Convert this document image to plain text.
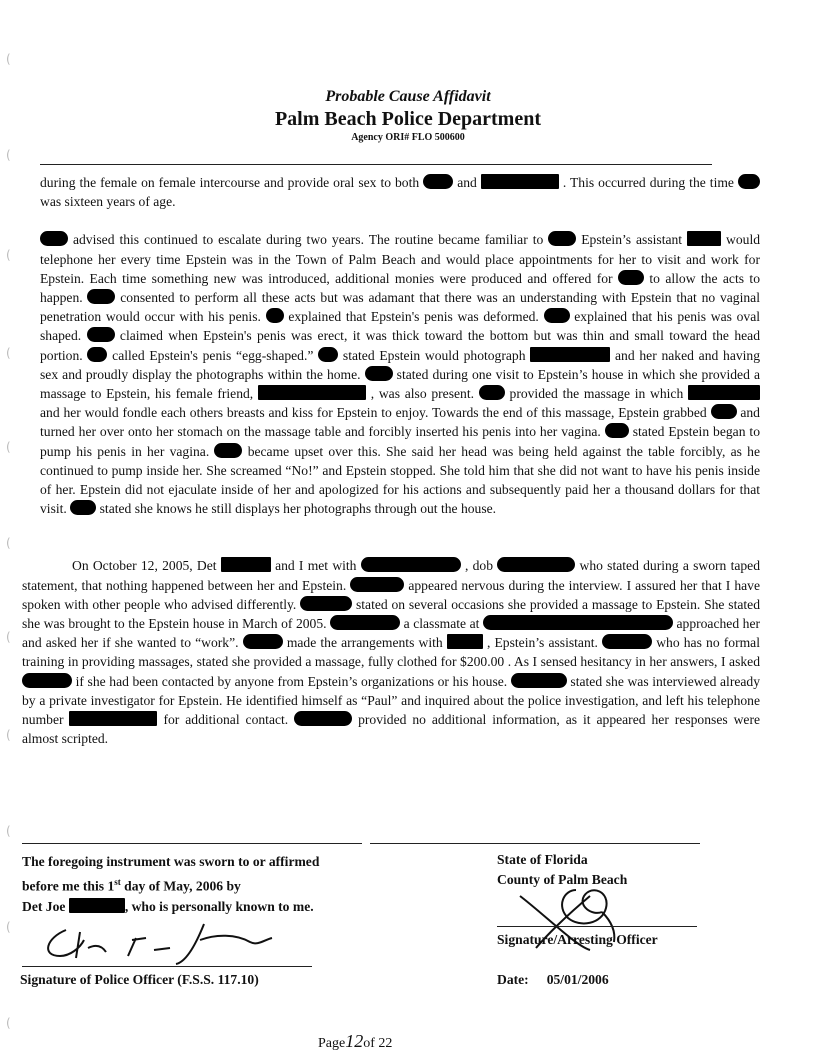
(
(
(
(
(
(
(
(
(
(
(
Probable Cause Affidavit
Palm Beach Police Department
Agency ORI# FLO 500600

during the female on female intercourse and provide oral sex to both	and	. This occurred during the time  was sixteen years of age.

advised this continued to escalate during two years. The routine became familiar to	Epstein’s assistant	would telephone her every time Epstein was in the Town of Palm Beach and would place appointments for her to visit and work for Epstein. Each time something new was introduced, additional monies were produced and offered for	to allow the acts to happen.	consented to perform all these acts but was adamant that there was an understanding with Epstein that no vaginal penetration would occur with his penis. explained that Epstein's penis was deformed.	explained that his penis was oval shaped.	claimed when Epstein's penis was erect, it was thick toward the bottom but was thin and small toward the head portion. called Epstein's penis “egg-shaped.” stated Epstein would photograph	and her naked and having sex and proudly display the photographs within the home.	stated during one visit to Epstein’s house in which she provided a massage to Epstein, his female friend,	, was also present.	provided the massage in which  and her would fondle each others breasts and kiss for Epstein to enjoy. Towards the end of this massage, Epstein grabbed and turned her over onto her stomach on the massage table and forcibly inserted his penis into her vagina. stated Epstein began to pump his penis in her vagina.	became upset over this. She said her head was being held against the table forcibly, as he continued to pump inside her. She screamed “No!” and Epstein stopped. She told him that she did not want to have his penis inside of her. Epstein did not ejaculate inside of her and apologized for his actions and subsequently paid her a thousand dollars for that visit. stated she knows he still displays her photographs through out the house.

On October 12, 2005, Det	and I met with	, dob	who stated during a sworn taped statement, that nothing happened between her and Epstein.	appeared nervous during the interview. I assured her that I have spoken with other people who advised differently.	stated on several occasions she provided a massage to Epstein. She stated she was brought to the Epstein house in March of 2005.	a classmate at	approached her and asked her if she wanted to “work”.	made the arrangements with	, Epstein’s assistant.	who has no formal training in providing massages, stated she provided a massage, fully clothed for $200.00 . As I sensed hesitancy in her answers, I asked  if she had been contacted by anyone from Epstein’s organizations or his house.	stated she was interviewed already by a private investigator for Epstein. He identified himself as “Paul” and inquired about the police investigation, and left his telephone number	for additional contact.	provided no additional information, as it appeared her responses were almost scripted.

The foregoing instrument was sworn to or affirmed
before me this 1st day of May, 2006 by
Det Joe	, who is personally known to me.
State of Florida
County of Palm Beach
Signature of Police Officer (F.S.S. 117.10)
Signature/Arresting Officer
Date: 05/01/2006
Page12of 22
